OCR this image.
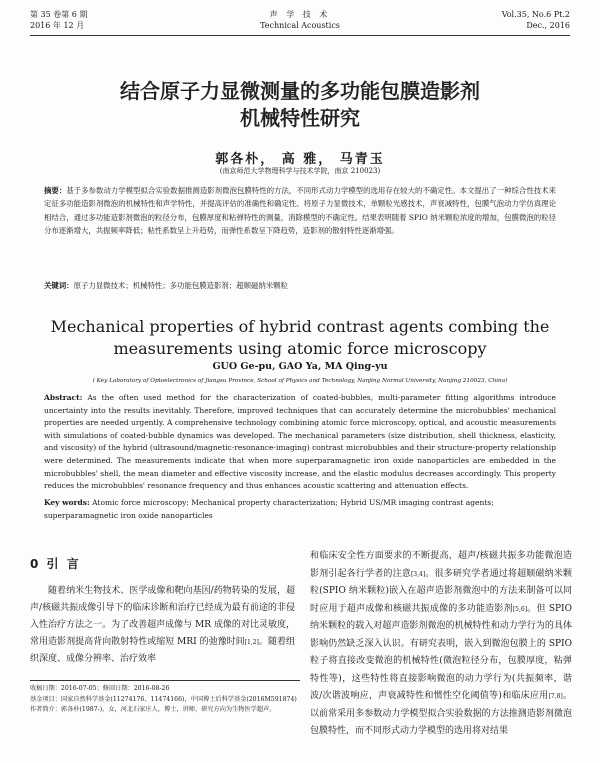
第 35 卷第 6 期
2016 年 12 月
声 学 技 术
Technical Acoustics
Vol.35, No.6 Pt.2
Dec., 2016
结合原子力显微测量的多功能包膜造影剂
机械特性研究
郭各朴， 高 雅， 马青玉
(南京师范大学物理科学与技术学院，南京 210023)
摘要：基于多参数动力学模型拟合实验数据推测造影剂微泡包膜特性的方法，不同形式动力学模型的选用存在较大的不确定性。本文提出了一种综合性技术来定征多功能造影剂微泡的机械特性和声学特性，并提高评估的准确性和确定性。将原子力显微技术，单颗粒光感技术，声衰减特性，包膜气泡动力学仿真理论相结合，通过多功能造影剂微泡的粒径分布，包膜厚度和粘弹特性的测量，消除模型的不确定性。结果表明随着 SPIO 纳米颗粒浓度的增加，包膜微泡的粒径分布逐渐增大，共振频率降低；粘性系数呈上升趋势，而弹性系数呈下降趋势，造影剂的散射特性逐渐增强。
关键词：原子力显微技术；机械特性；多功能包膜造影剂；超顺磁纳米颗粒
Mechanical properties of hybrid contrast agents combing the
measurements using atomic force microscopy
GUO Ge-pu, GAO Ya, MA Qing-yu
( Key Laboratory of Optoelectronics of Jiangsu Province, School of Physics and Technology, Nanjing Normal University, Nanjing 210023, China)
Abstract: As the often used method for the characterization of coated-bubbles, multi-parameter fitting algorithms introduce uncertainty into the results inevitably. Therefore, improved techniques that can accurately determine the microbubbles' mechanical properties are needed urgently. A comprehensive technology combining atomic force microscopy, optical, and acoustic measurements with simulations of coated-bubble dynamics was developed. The mechanical parameters (size distribution, shell thickness, elasticity, and viscosity) of the hybrid (ultrasound/magnetic-resonance-imaging) contrast microbubbles and their structure-property relationship were determined. The measurements indicate that when more superparamagnetic iron oxide nanoparticles are embedded in the microbubbles' shell, the mean diameter and effective viscosity increase, and the elastic modulus decreases accordingly. This property reduces the microbubbles' resonance frequency and thus enhances acoustic scattering and attenuation effects.
Key words: Atomic force microscopy; Mechanical property characterization; Hybrid US/MR imaging contrast agents; superparamagnetic iron oxide nanoparticles
0 引 言
随着纳米生物技术、医学成像和靶向基因/药物转染的发展，超声/核磁共振成像引导下的临床诊断和治疗已经成为最有前途的非侵入性治疗方法之一。为了改善超声成像与 MR 成像的对比灵敏度，常用造影剂提高背向散射特性或缩短 MRI 的弛豫时间[1,2]。随着组织深度、成像分辨率、治疗效率
和临床安全性方面要求的不断提高，超声/核磁共振多功能微泡造影剂引起各行学者的注意[3,4]。很多研究学者通过将超顺磁纳米颗粒(SPIO 纳米颗粒)嵌入在超声造影剂微泡中的方法来制备可以同时应用于超声成像和核磁共振成像的多功能造影剂[5,6]。但 SPIO 纳米颗粒的载入对超声造影剂微泡的机械特性和动力学行为的具体影响仍然缺乏深入认识。有研究表明，嵌入到微泡包膜上的 SPIO 粒子将直接改变微泡的机械特性(微泡粒径分布，包膜厚度，粘弹特性等)，这些特性将直接影响微泡的动力学行为(共振频率，谐波/次谐波响应，声衰减特性和惯性空化阈值等)和临床应用[7,8]。以前常采用多参数动力学模型拟合实验数据的方法推测造影剂微泡包膜特性，而不同形式动力学模型的选用将对结果
收稿日期：2016-07-05；修回日期：2016-08-26
基金项目：国家自然科学基金(11274176、11474166)，中国博士后科学基金(2016M591874)
作者简介：郭各朴(1987-)，女，河北石家庄人，博士，讲师，研究方向为生物医学超声。
